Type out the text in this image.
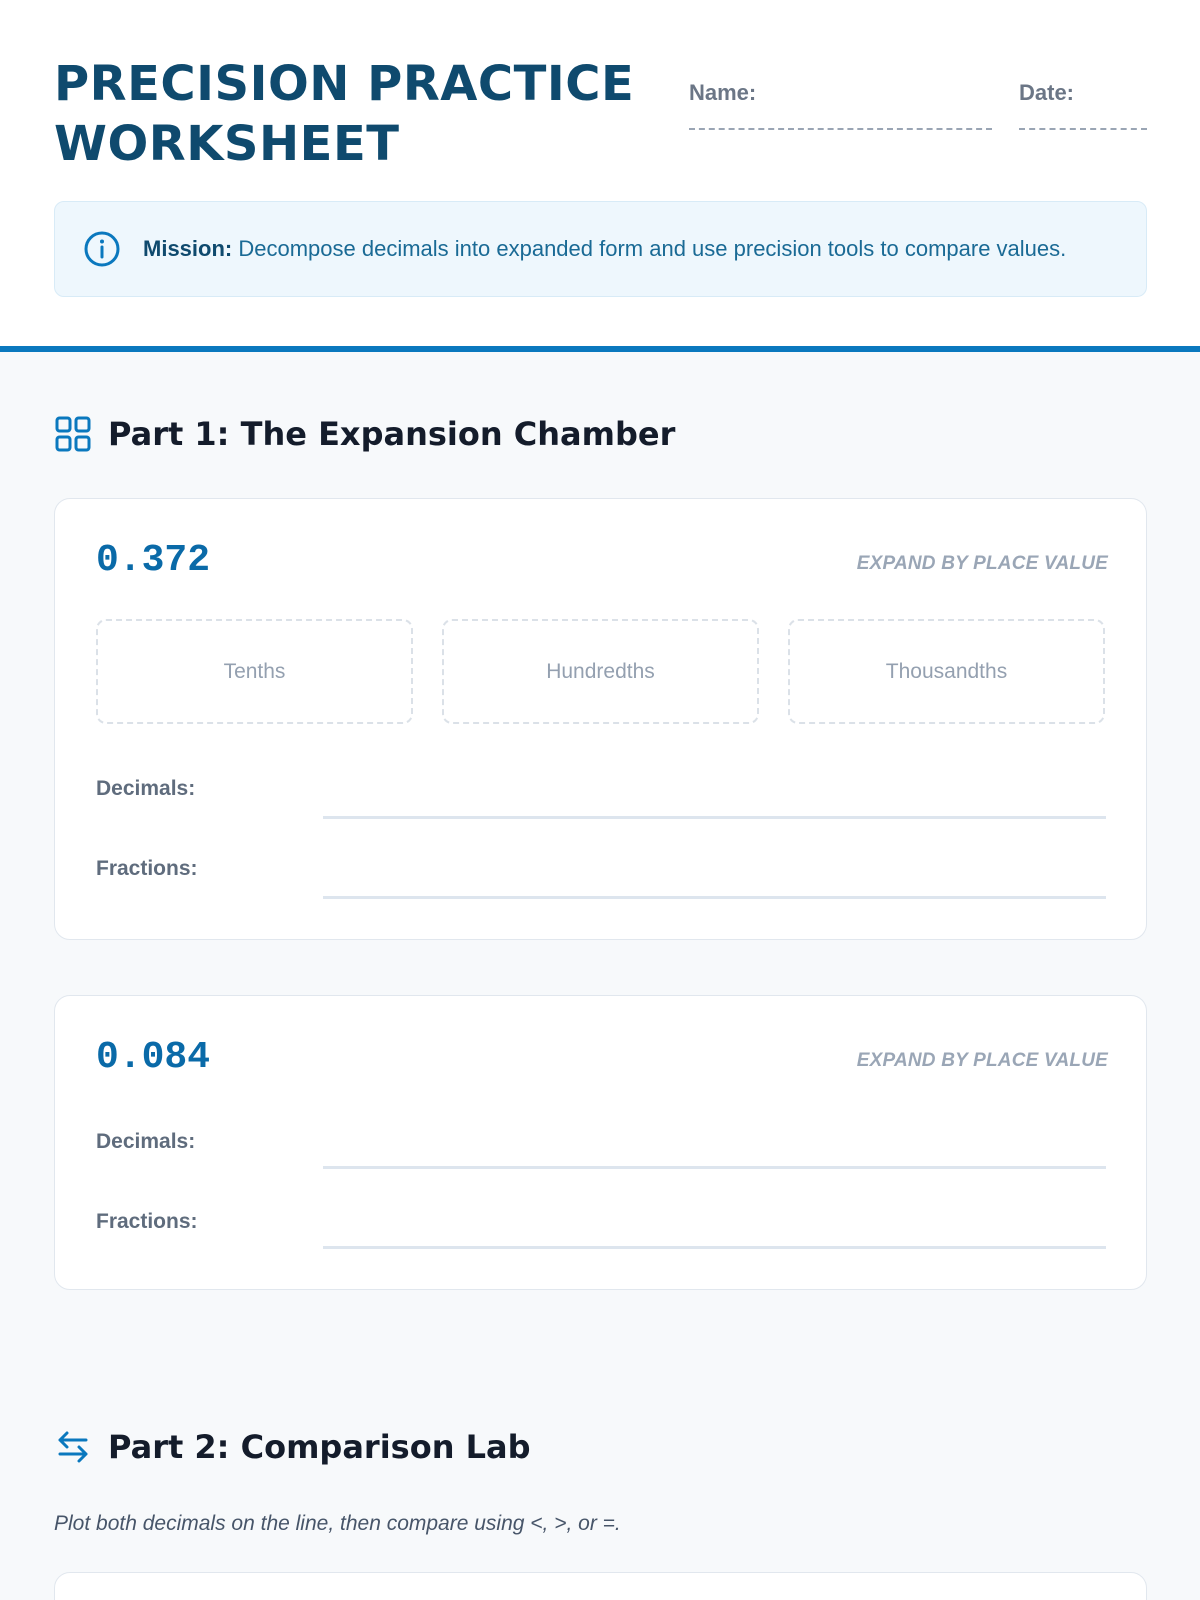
PRECISION PRACTICE
WORKSHEET
Name:	Date:
Mission: Decompose decimals into expanded form and use precision tools to compare values.
Part 1: The Expansion Chamber
0.372	EXPAND BY PLACE VALUE
Tenths	Hundredths	Thousandths
Decimals:
Fractions:
0.084	EXPAND BY PLACE VALUE
Decimals:
Fractions:
Part 2: Comparison Lab
Plot both decimals on the line, then compare using <, >, or =.
